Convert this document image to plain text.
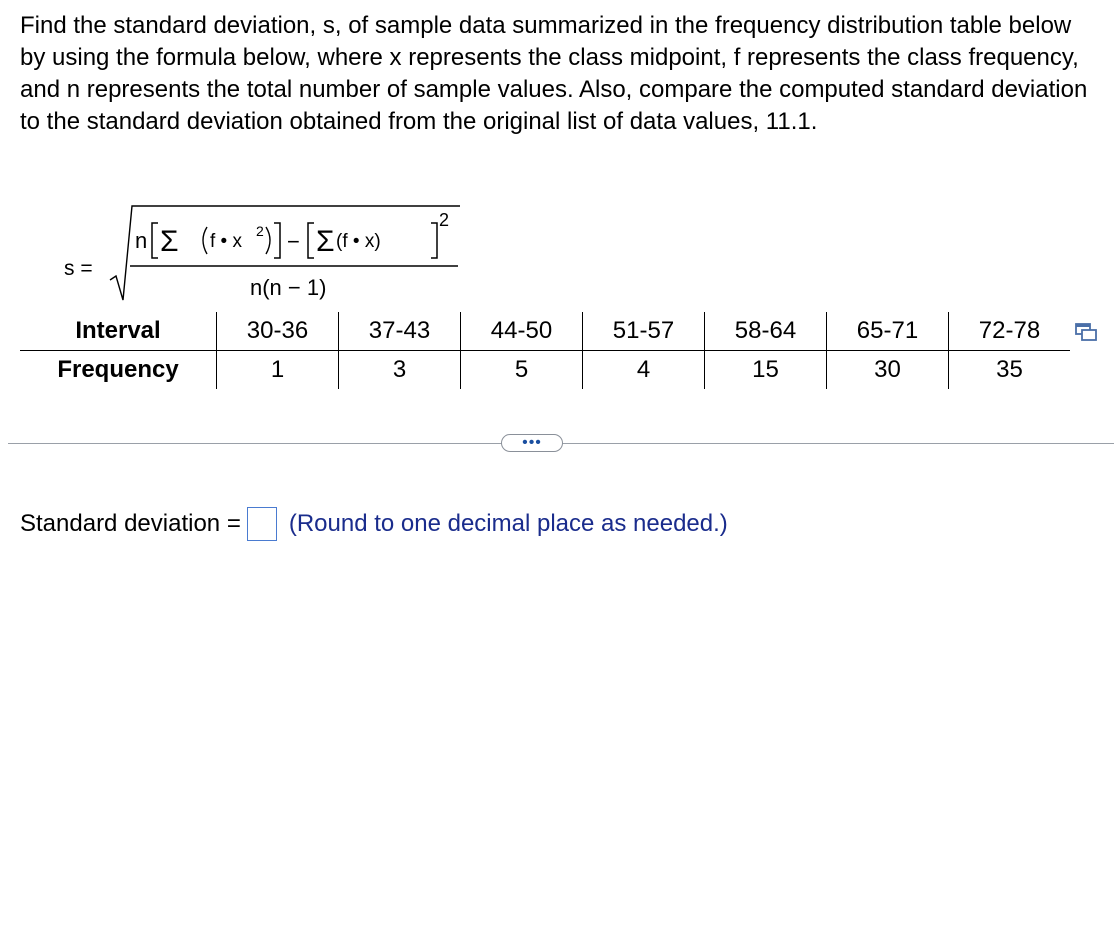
Find the standard deviation, s, of sample data summarized in the frequency distribution table below by using the formula below, where x represents the class midpoint, f represents the class frequency, and n represents the total number of sample values. Also, compare the computed standard deviation to the standard deviation obtained from the original list of data values, 11.1.

s =
n Σ f • x 2 − Σ (f • x)
2
n(n − 1)
Interval	30-36	37-43	44-50	51-57	58-64	65-71	72-78
Frequency	1	3	5	4	15	30	35
•••
Standard deviation = (Round to one decimal place as needed.)
